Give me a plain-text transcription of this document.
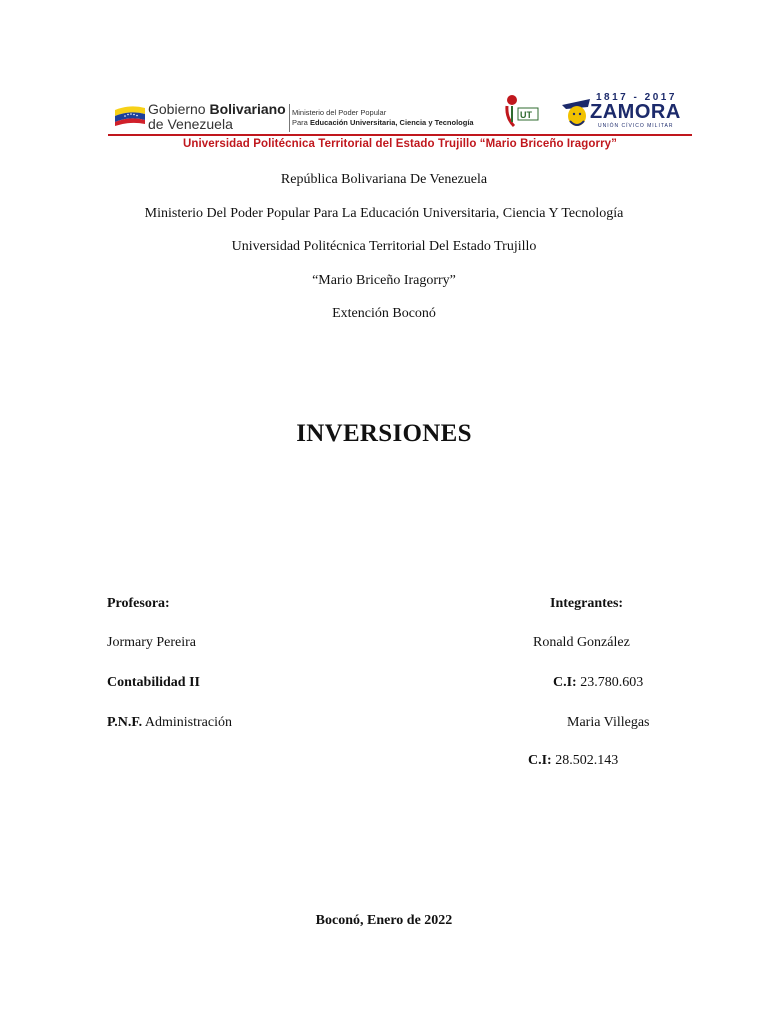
Gobierno Bolivariano
de Venezuela
Ministerio del Poder Popular
Para Educación Universitaria, Ciencia y Tecnología
UT
1817 - 2017
ZAMORA
UNIÓN CÍVICO MILITAR
Universidad Politécnica Territorial del Estado Trujillo “Mario Briceño Iragorry”
República Bolivariana De Venezuela
Ministerio Del Poder Popular Para La Educación Universitaria, Ciencia Y Tecnología
Universidad Politécnica Territorial Del Estado Trujillo
“Mario Briceño Iragorry”
Extención Boconó
INVERSIONES
Profesora:
Jormary Pereira
Contabilidad II
P.N.F. Administración
Integrantes:
Ronald González
C.I: 23.780.603
Maria Villegas
C.I: 28.502.143
Boconó, Enero de 2022
